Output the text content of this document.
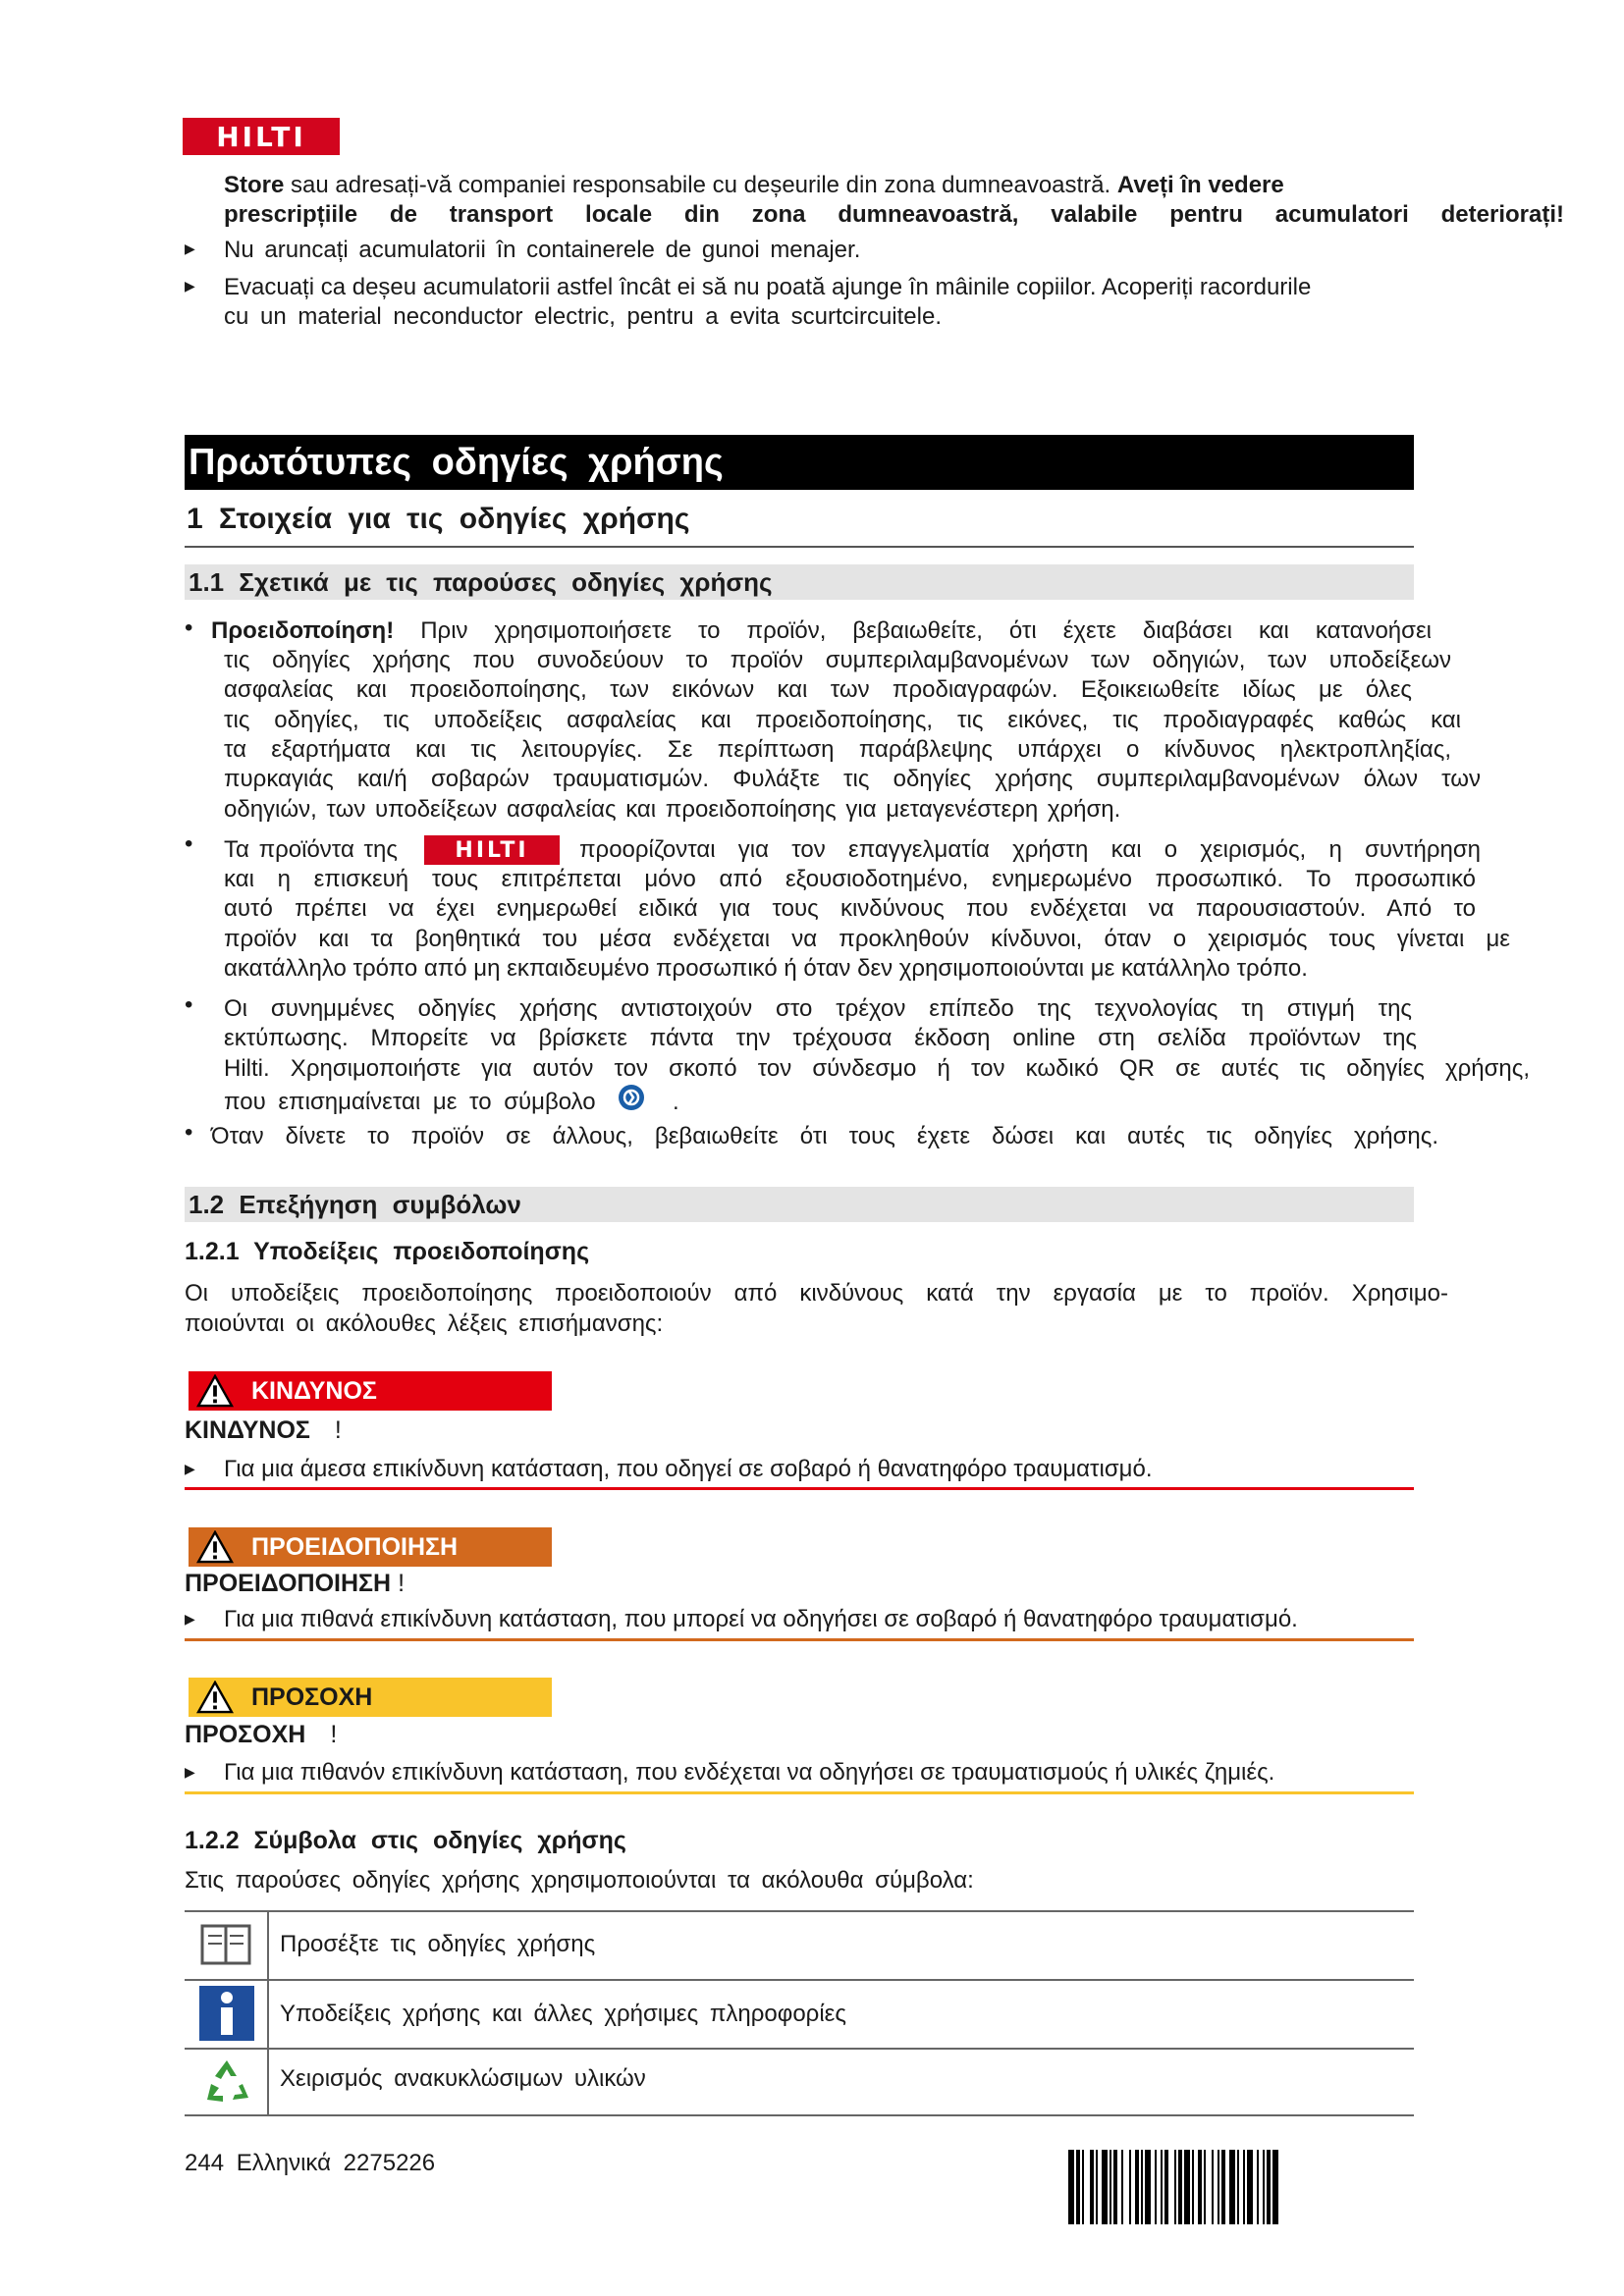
HILTI
Store sau adresați-vă companiei responsabile cu deșeurile din zona dumneavoastră. Aveți în vedere
prescripțiile de transport locale din zona dumneavoastră, valabile pentru acumulatori deteriorați!
▶ Nu aruncați acumulatorii în containerele de gunoi menajer.
▶ Evacuați ca deșeu acumulatorii astfel încât ei să nu poată ajunge în mâinile copiilor. Acoperiți racordurile
cu un material neconductor electric, pentru a evita scurtcircuitele.
Πρωτότυπες οδηγίες χρήσης
1 Στοιχεία για τις οδηγίες χρήσης
1.1 Σχετικά με τις παρούσες οδηγίες χρήσης
• Προειδοποίηση! Πριν χρησιμοποιήσετε το προϊόν, βεβαιωθείτε, ότι έχετε διαβάσει και κατανοήσει
τις οδηγίες χρήσης που συνοδεύουν το προϊόν συμπεριλαμβανομένων των οδηγιών, των υποδείξεων
ασφαλείας και προειδοποίησης, των εικόνων και των προδιαγραφών. Εξοικειωθείτε ιδίως με όλες
τις οδηγίες, τις υποδείξεις ασφαλείας και προειδοποίησης, τις εικόνες, τις προδιαγραφές καθώς και
τα εξαρτήματα και τις λειτουργίες. Σε περίπτωση παράβλεψης υπάρχει ο κίνδυνος ηλεκτροπληξίας,
πυρκαγιάς και/ή σοβαρών τραυματισμών. Φυλάξτε τις οδηγίες χρήσης συμπεριλαμβανομένων όλων των
οδηγιών, των υποδείξεων ασφαλείας και προειδοποίησης για μεταγενέστερη χρήση.
• Τα προϊόντα της	HILTI	προορίζονται για τον επαγγελματία χρήστη και ο χειρισμός, η συντήρηση
και η επισκευή τους επιτρέπεται μόνο από εξουσιοδοτημένο, ενημερωμένο προσωπικό. Το προσωπικό
αυτό πρέπει να έχει ενημερωθεί ειδικά για τους κινδύνους που ενδέχεται να παρουσιαστούν. Από το
προϊόν και τα βοηθητικά του μέσα ενδέχεται να προκληθούν κίνδυνοι, όταν ο χειρισμός τους γίνεται με
ακατάλληλο τρόπο από μη εκπαιδευμένο προσωπικό ή όταν δεν χρησιμοποιούνται με κατάλληλο τρόπο.
• Οι συνημμένες οδηγίες χρήσης αντιστοιχούν στο τρέχον επίπεδο της τεχνολογίας τη στιγμή της
εκτύπωσης. Μπορείτε να βρίσκετε πάντα την τρέχουσα έκδοση online στη σελίδα προϊόντων της
Hilti. Χρησιμοποιήστε για αυτόν τον σκοπό τον σύνδεσμο ή τον κωδικό QR σε αυτές τις οδηγίες χρήσης,
που επισημαίνεται με το σύμβολο	.
• Όταν δίνετε το προϊόν σε άλλους, βεβαιωθείτε ότι τους έχετε δώσει και αυτές τις οδηγίες χρήσης.
1.2 Επεξήγηση συμβόλων
1.2.1 Υποδείξεις προειδοποίησης
Οι υποδείξεις προειδοποίησης προειδοποιούν από κινδύνους κατά την εργασία με το προϊόν. Χρησιμο-
ποιούνται οι ακόλουθες λέξεις επισήμανσης:
ΚΙΝΔΥΝΟΣ
ΚΙΝΔΥΝΟΣ !
▶ Για μια άμεσα επικίνδυνη κατάσταση, που οδηγεί σε σοβαρό ή θανατηφόρο τραυματισμό.
ΠΡΟΕΙΔΟΠΟΙΗΣΗ
ΠΡΟΕΙΔΟΠΟΙΗΣΗ !
▶ Για μια πιθανά επικίνδυνη κατάσταση, που μπορεί να οδηγήσει σε σοβαρό ή θανατηφόρο τραυματισμό.
ΠΡΟΣΟΧΗ
ΠΡΟΣΟΧΗ !
▶ Για μια πιθανόν επικίνδυνη κατάσταση, που ενδέχεται να οδηγήσει σε τραυματισμούς ή υλικές ζημιές.
1.2.2 Σύμβολα στις οδηγίες χρήσης
Στις παρούσες οδηγίες χρήσης χρησιμοποιούνται τα ακόλουθα σύμβολα:
Προσέξτε τις οδηγίες χρήσης
Υποδείξεις χρήσης και άλλες χρήσιμες πληροφορίες
Χειρισμός ανακυκλώσιμων υλικών
244 Ελληνικά 2275226
